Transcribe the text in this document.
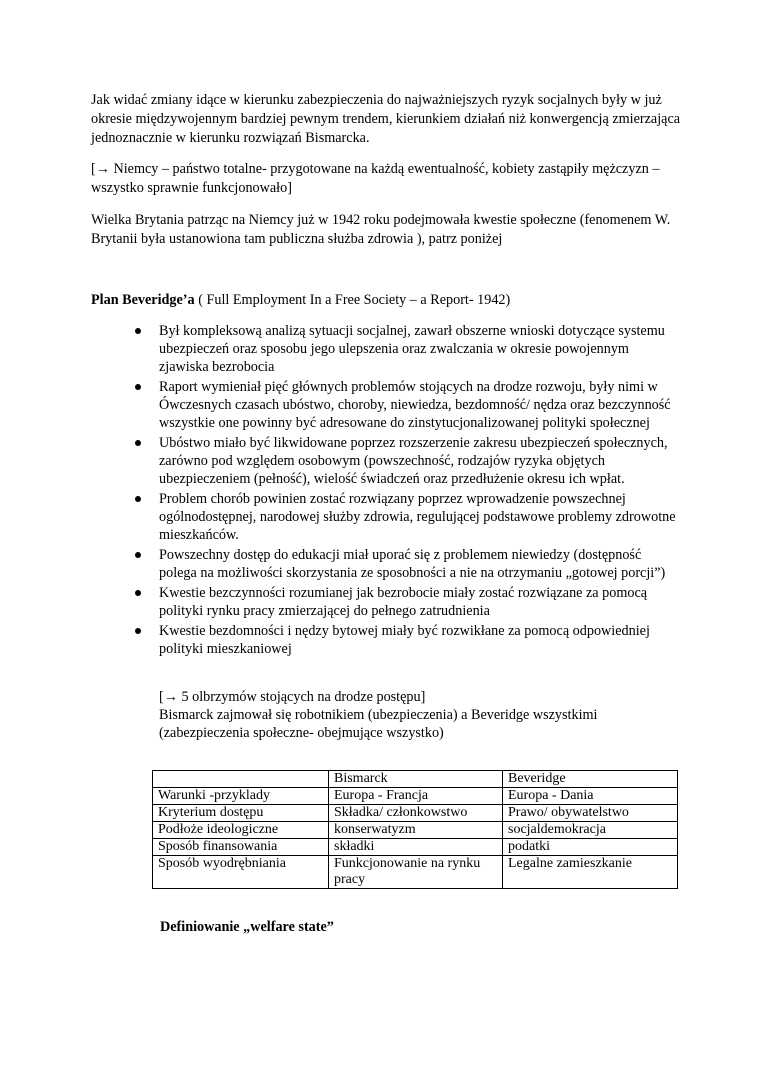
Jak widać zmiany idące w kierunku zabezpieczenia do najważniejszych ryzyk socjalnych były w już okresie międzywojennym bardziej pewnym trendem, kierunkiem działań niż konwergencją zmierzająca jednoznacznie w kierunku rozwiązań Bismarcka.

[→ Niemcy – państwo totalne- przygotowane na każdą ewentualność, kobiety zastąpiły mężczyzn – wszystko sprawnie funkcjonowało]

Wielka Brytania patrząc na Niemcy już w 1942 roku podejmowała kwestie społeczne (fenomenem W. Brytanii była ustanowiona tam publiczna służba zdrowia ), patrz poniżej

Plan Beveridge’a ( Full Employment In a Free Society – a Report- 1942)

Był kompleksową analizą sytuacji socjalnej, zawarł obszerne wnioski dotyczące systemu ubezpieczeń oraz sposobu jego ulepszenia oraz zwalczania w okresie powojennym zjawiska bezrobocia
Raport wymieniał pięć głównych problemów stojących na drodze rozwoju, były nimi w Ówczesnych czasach ubóstwo, choroby, niewiedza, bezdomność/ nędza oraz bezczynność wszystkie one powinny być adresowane do zinstytucjonalizowanej polityki społecznej
Ubóstwo miało być likwidowane poprzez rozszerzenie zakresu ubezpieczeń społecznych, zarówno pod względem osobowym (powszechność, rodzajów ryzyka objętych ubezpieczeniem (pełność), wielość świadczeń oraz przedłużenie okresu ich wpłat.
Problem chorób powinien zostać rozwiązany poprzez wprowadzenie powszechnej ogólnodostępnej, narodowej służby zdrowia, regulującej podstawowe problemy zdrowotne mieszkańców.
Powszechny dostęp do edukacji miał uporać się z problemem niewiedzy (dostępność polega na możliwości skorzystania ze sposobności a nie na otrzymaniu „gotowej porcji”)
Kwestie bezczynności rozumianej jak bezrobocie miały zostać rozwiązane za pomocą polityki rynku pracy zmierzającej do pełnego zatrudnienia
Kwestie bezdomności i nędzy bytowej miały być rozwikłane za pomocą odpowiedniej polityki mieszkaniowej
[→ 5 olbrzymów stojących na drodze postępu]
Bismarck zajmował się robotnikiem (ubezpieczenia) a Beveridge wszystkimi
(zabezpieczenia społeczne- obejmujące wszystko)
	Bismarck	Beveridge
Warunki -przyklady	Europa - Francja	Europa - Dania
Kryterium dostępu	Składka/ członkowstwo	Prawo/ obywatelstwo
Podłoże ideologiczne	konserwatyzm	socjaldemokracja
Sposób finansowania	składki	podatki
Sposób wyodrębniania	Funkcjonowanie na rynku pracy	Legalne zamieszkanie
Definiowanie „welfare state”
